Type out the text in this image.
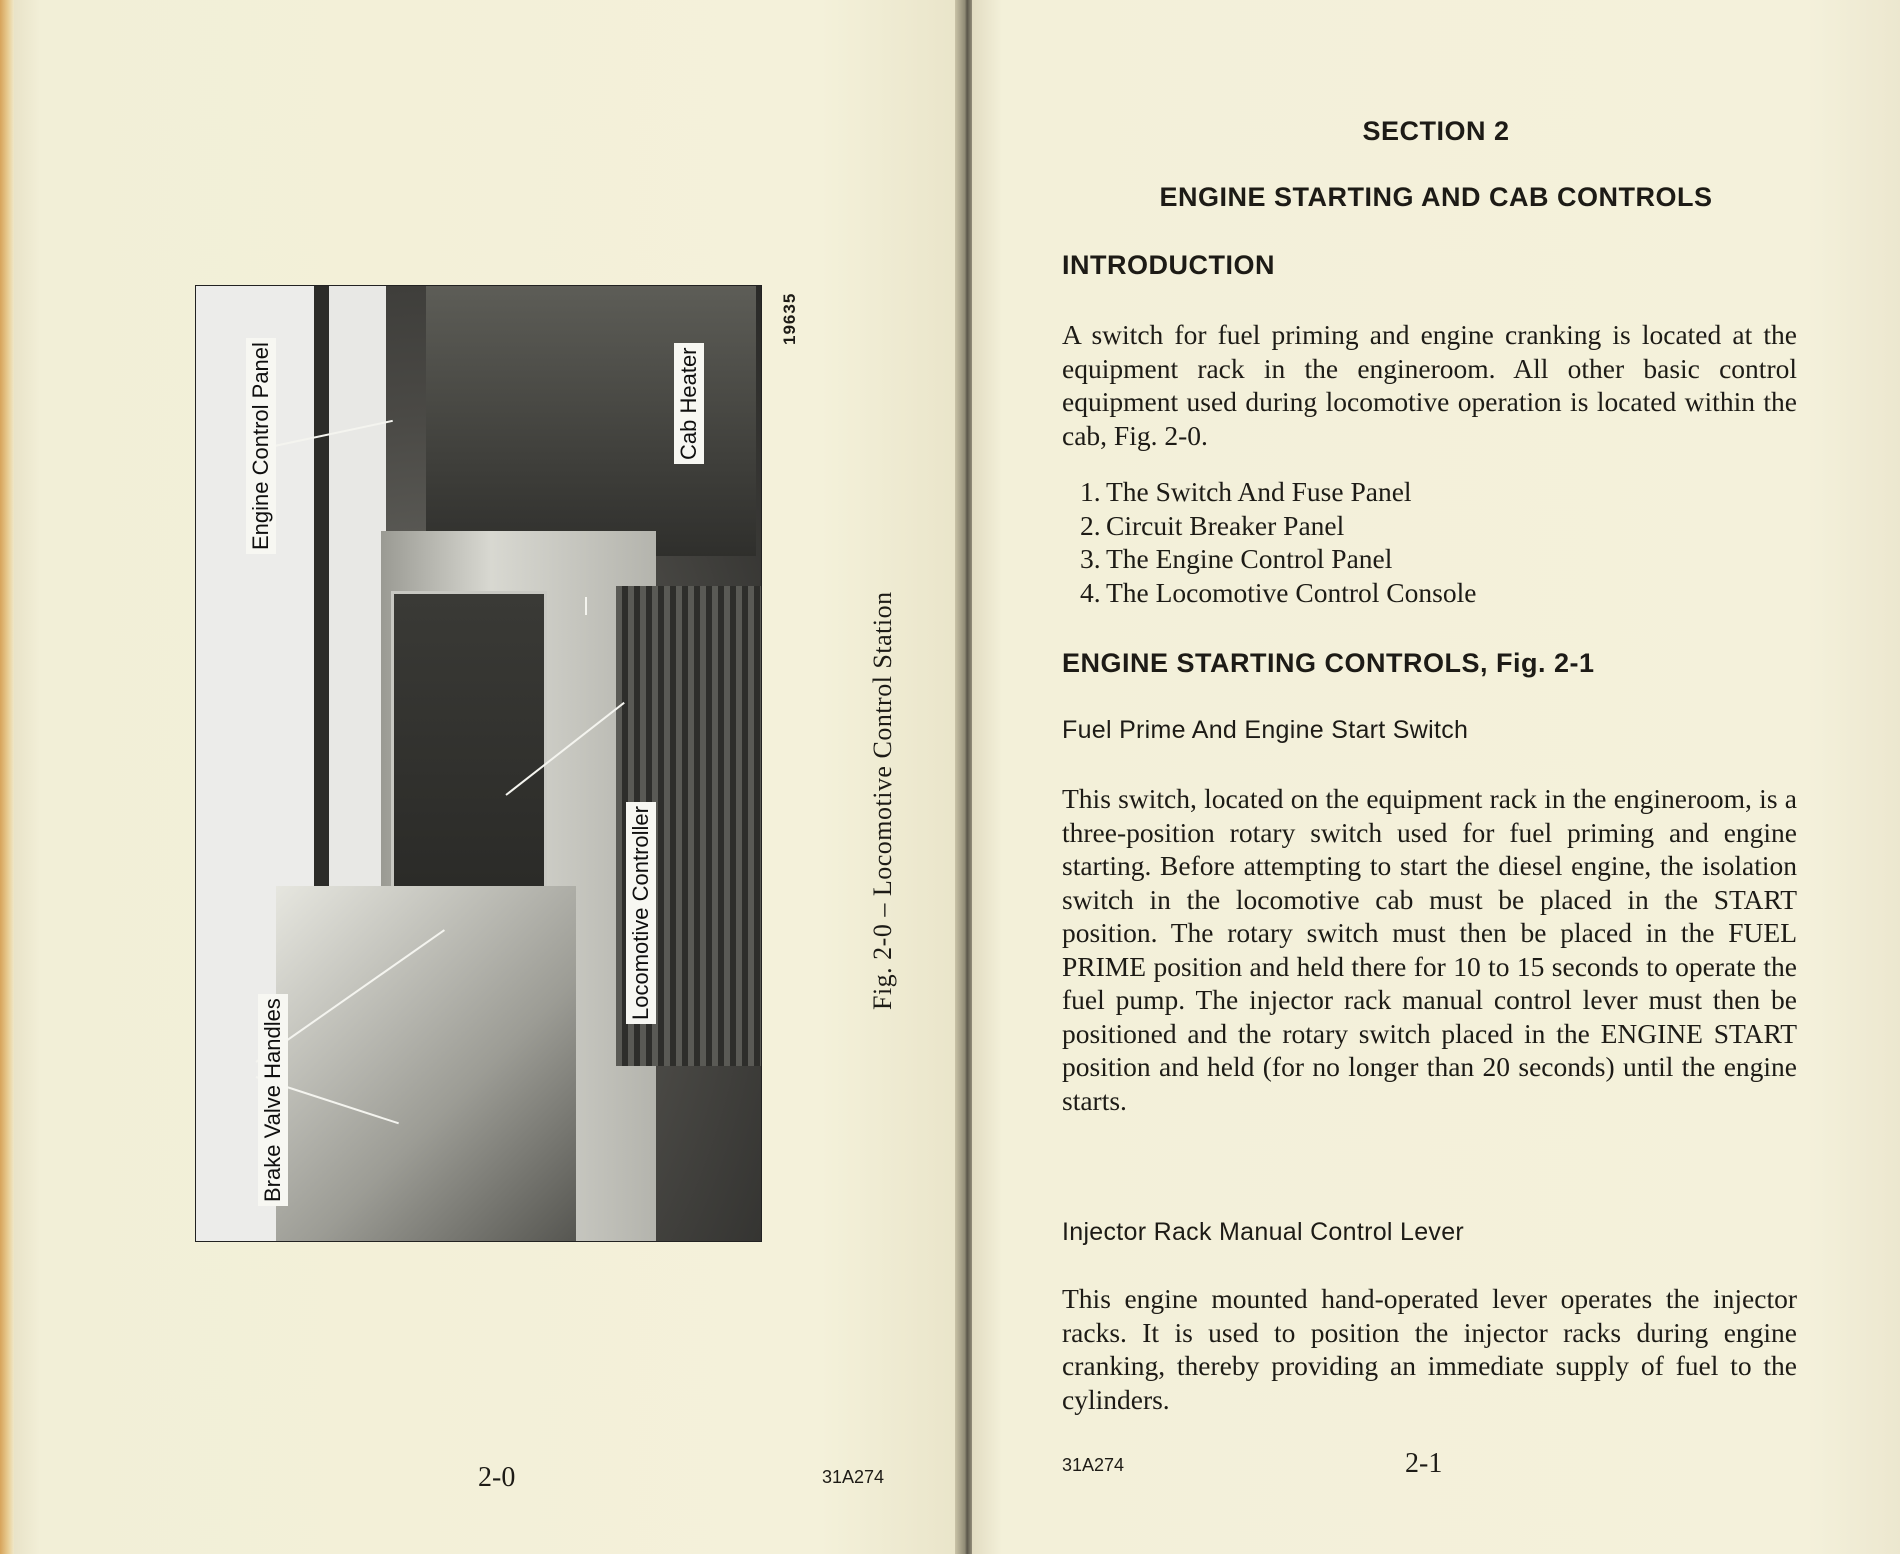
Engine Control Panel	Cab Heater
Locomotive Controller
Brake Valve Handles
19635
Fig. 2-0 – Locomotive Control Station
2-0	31A274
SECTION 2
ENGINE STARTING AND CAB CONTROLS
INTRODUCTION

A switch for fuel priming and engine cranking is located at the equipment rack in the engineroom. All other basic control equipment used during locomotive operation is located within the cab, Fig. 2-0.

1. The Switch And Fuse Panel
2. Circuit Breaker Panel
3. The Engine Control Panel
4. The Locomotive Control Console
ENGINE STARTING CONTROLS, Fig. 2-1
Fuel Prime And Engine Start Switch

This switch, located on the equipment rack in the engineroom, is a three-position rotary switch used for fuel priming and engine starting. Before attempting to start the diesel engine, the isolation switch in the locomotive cab must be placed in the START position. The rotary switch must then be placed in the FUEL PRIME position and held there for 10 to 15 seconds to operate the fuel pump. The injector rack manual control lever must then be positioned and the rotary switch placed in the ENGINE START position and held (for no longer than 20 seconds) until the engine starts.

Injector Rack Manual Control Lever

This engine mounted hand-operated lever operates the injector racks. It is used to position the injector racks during engine cranking, thereby providing an immediate supply of fuel to the cylinders.

31A274	2-1
